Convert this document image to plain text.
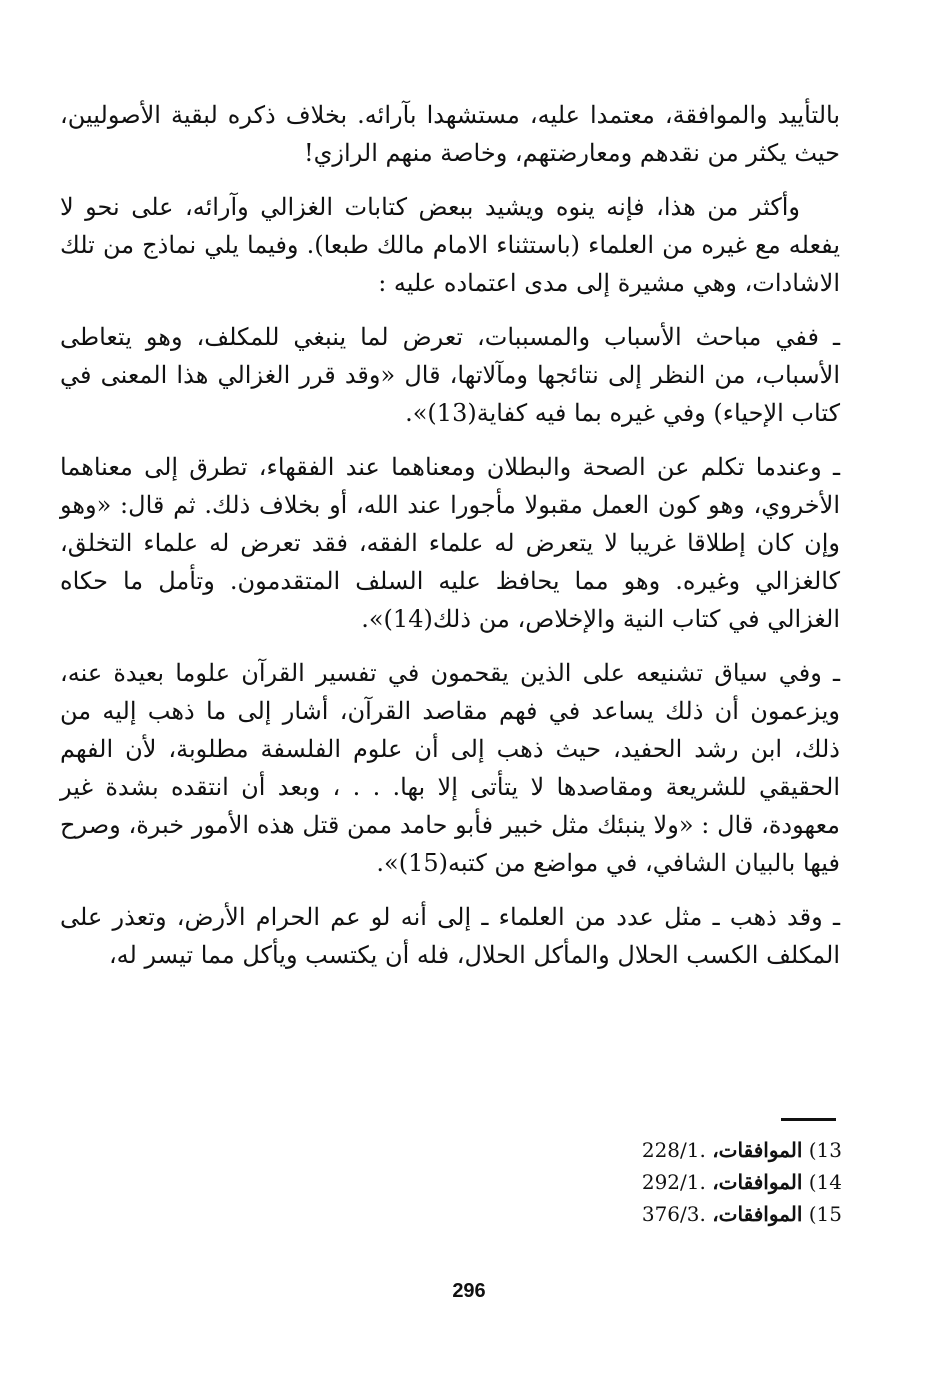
بالتأييد والموافقة، معتمدا عليه، مستشهدا بآرائه. بخلاف ذكره لبقية الأصوليين، حيث يكثر من نقدهم ومعارضتهم، وخاصة منهم الرازي!

وأكثر من هذا، فإنه ينوه ويشيد ببعض كتابات الغزالي وآرائه، على نحو لا يفعله مع غيره من العلماء (باستثناء الامام مالك طبعا). وفيما يلي نماذج من تلك الاشادات، وهي مشيرة إلى مدى اعتماده عليه :

ـ ففي مباحث الأسباب والمسببات، تعرض لما ينبغي للمكلف، وهو يتعاطى الأسباب، من النظر إلى نتائجها ومآلاتها، قال «وقد قرر الغزالي هذا المعنى في كتاب الإحياء) وفي غيره بما فيه كفاية(13)».

ـ وعندما تكلم عن الصحة والبطلان ومعناهما عند الفقهاء، تطرق إلى معناهما الأخروي، وهو كون العمل مقبولا مأجورا عند الله، أو بخلاف ذلك. ثم قال: «وهو وإن كان إطلاقا غريبا لا يتعرض له علماء الفقه، فقد تعرض له علماء التخلق، كالغزالي وغيره. وهو مما يحافظ عليه السلف المتقدمون. وتأمل ما حكاه الغزالي في كتاب النية والإخلاص، من ذلك(14)».

ـ وفي سياق تشنيعه على الذين يقحمون في تفسير القرآن علوما بعيدة عنه، ويزعمون أن ذلك يساعد في فهم مقاصد القرآن، أشار إلى ما ذهب إليه من ذلك، ابن رشد الحفيد، حيث ذهب إلى أن علوم الفلسفة مطلوبة، لأن الفهم الحقيقي للشريعة ومقاصدها لا يتأتى إلا بها. . . ، وبعد أن انتقده بشدة غير معهودة، قال : «ولا ينبئك مثل خبير فأبو حامد ممن قتل هذه الأمور خبرة، وصرح فيها بالبيان الشافي، في مواضع من كتبه(15)».

ـ وقد ذهب ـ مثل عدد من العلماء ـ إلى أنه لو عم الحرام الأرض، وتعذر على المكلف الكسب الحلال والمأكل الحلال، فله أن يكتسب ويأكل مما تيسر له،

13) الموافقات، 228/1.
14) الموافقات، 292/1.
15) الموافقات، 376/3.
296
